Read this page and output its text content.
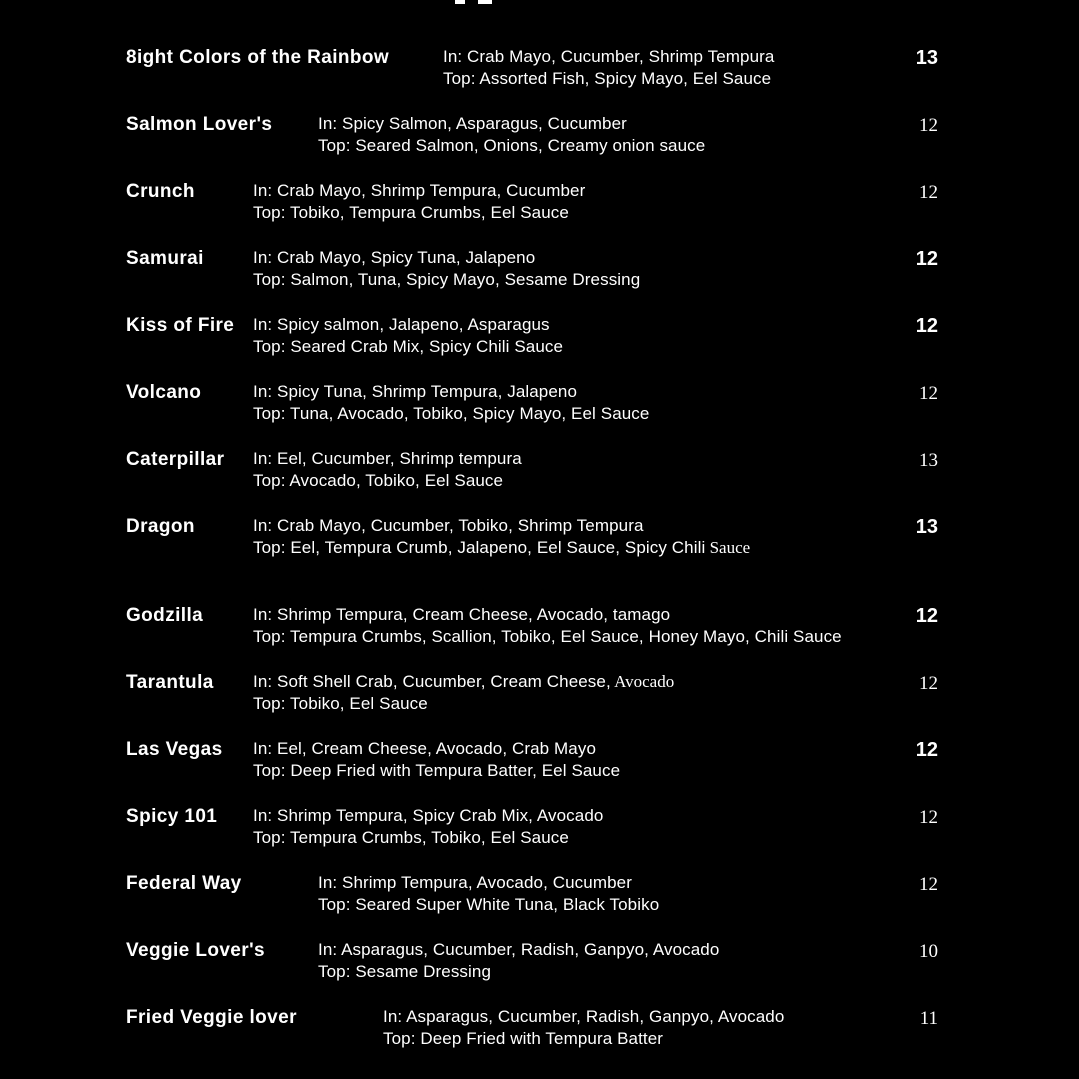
8ight Colors of the Rainbow	In: Crab Mayo, Cucumber, Shrimp Tempura
Top: Assorted Fish, Spicy Mayo, Eel Sauce
13
Salmon Lover's	In: Spicy Salmon, Asparagus, Cucumber
Top: Seared Salmon, Onions, Creamy onion sauce
12
Crunch	In: Crab Mayo, Shrimp Tempura, Cucumber
Top: Tobiko, Tempura Crumbs, Eel Sauce
12
Samurai	In: Crab Mayo, Spicy Tuna, Jalapeno
Top: Salmon, Tuna, Spicy Mayo, Sesame Dressing
12
Kiss of Fire	In: Spicy salmon, Jalapeno, Asparagus
Top: Seared Crab Mix, Spicy Chili Sauce
12
Volcano	In: Spicy Tuna, Shrimp Tempura, Jalapeno
Top: Tuna, Avocado, Tobiko, Spicy Mayo, Eel Sauce
12
Caterpillar	In: Eel, Cucumber, Shrimp tempura
Top: Avocado, Tobiko, Eel Sauce
13
Dragon	In: Crab Mayo, Cucumber, Tobiko, Shrimp Tempura
Top: Eel, Tempura Crumb, Jalapeno, Eel Sauce, Spicy Chili Sauce
13
Godzilla	In: Shrimp Tempura, Cream Cheese, Avocado, tamago
Top: Tempura Crumbs, Scallion, Tobiko, Eel Sauce, Honey Mayo, Chili Sauce
12
Tarantula	In: Soft Shell Crab, Cucumber, Cream Cheese, Avocado
Top: Tobiko, Eel Sauce
12
Las Vegas	In: Eel, Cream Cheese, Avocado, Crab Mayo
Top: Deep Fried with Tempura Batter, Eel Sauce
12
Spicy 101	In: Shrimp Tempura, Spicy Crab Mix, Avocado
Top: Tempura Crumbs, Tobiko, Eel Sauce
12
Federal Way	In: Shrimp Tempura, Avocado, Cucumber
Top: Seared Super White Tuna, Black Tobiko
12
Veggie Lover's	In: Asparagus, Cucumber, Radish, Ganpyo, Avocado
Top: Sesame Dressing
10
Fried Veggie lover	In: Asparagus, Cucumber, Radish, Ganpyo, Avocado
Top: Deep Fried with Tempura Batter
11
